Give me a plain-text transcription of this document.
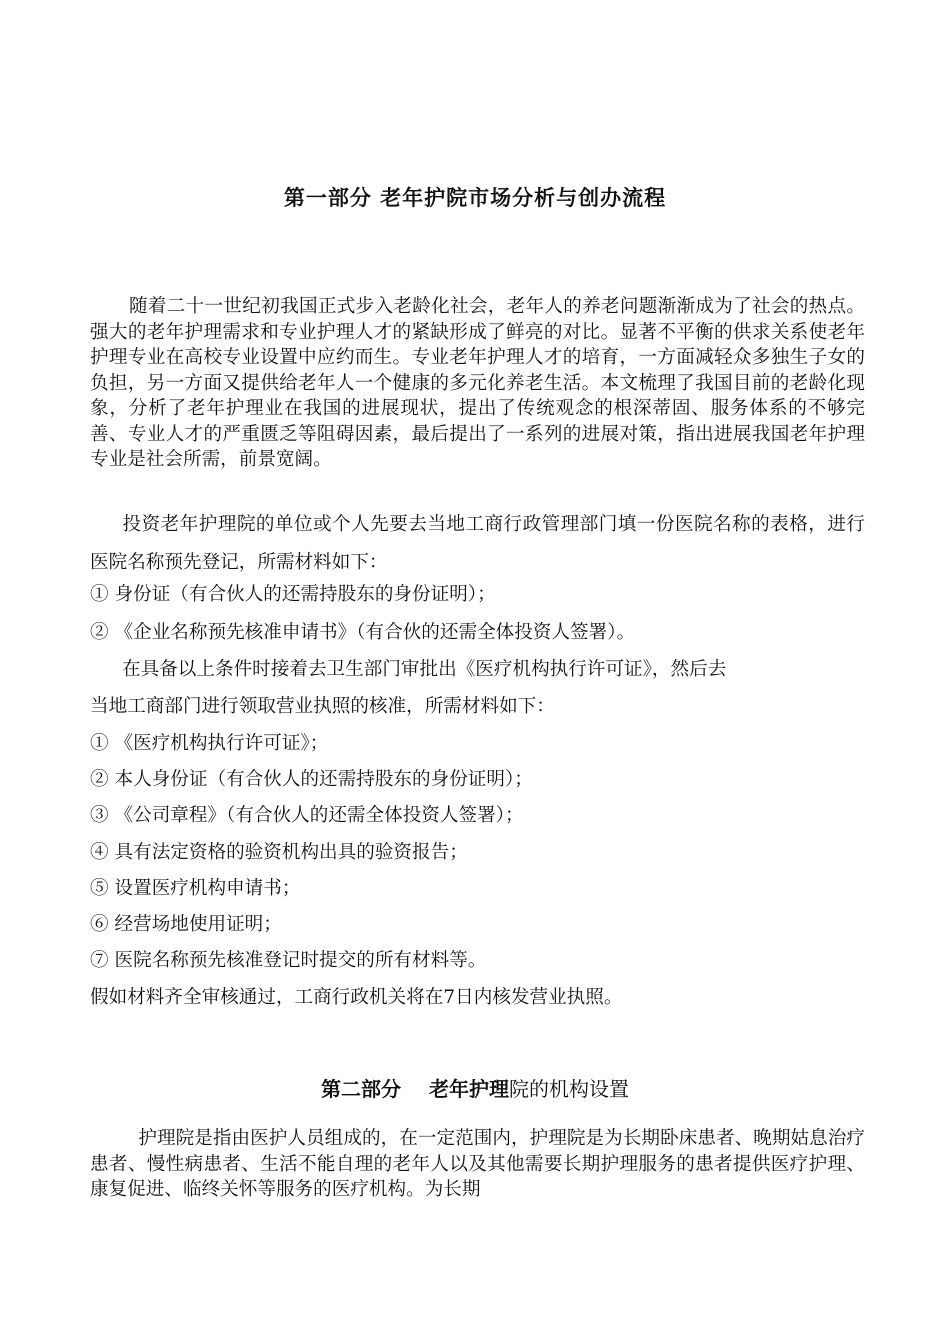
第一部分 老年护院市场分析与创办流程
随着二十一世纪初我国正式步入老龄化社会，老年人的养老问题渐渐成为了社会的热点。强大的老年护理需求和专业护理人才的紧缺形成了鲜亮的对比。显著不平衡的供求关系使老年护理专业在高校专业设置中应约而生。专业老年护理人才的培育，一方面减轻众多独生子女的负担，另一方面又提供给老年人一个健康的多元化养老生活。本文梳理了我国目前的老龄化现象，分析了老年护理业在我国的进展现状，提出了传统观念的根深蒂固、服务体系的不够完善、专业人才的严重匮乏等阻碍因素，最后提出了一系列的进展对策，指出进展我国老年护理专业是社会所需，前景宽阔。
投资老年护理院的单位或个人先要去当地工商行政管理部门填一份医院名称的表格，进行医院名称预先登记，所需材料如下：
① 身份证（有合伙人的还需持股东的身份证明）；
② 《企业名称预先核准申请书》（有合伙的还需全体投资人签署）。
在具备以上条件时接着去卫生部门审批出《医疗机构执行许可证》，然后去
当地工商部门进行领取营业执照的核准，所需材料如下：
① 《医疗机构执行许可证》；
② 本人身份证（有合伙人的还需持股东的身份证明）；
③ 《公司章程》（有合伙人的还需全体投资人签署）；
④ 具有法定资格的验资机构出具的验资报告；
⑤ 设置医疗机构申请书；
⑥ 经营场地使用证明；
⑦ 医院名称预先核准登记时提交的所有材料等。
假如材料齐全审核通过，工商行政机关将在7日内核发营业执照。
第二部分 老年护理院的机构设置
护理院是指由医护人员组成的，在一定范围内，护理院是为长期卧床患者、晚期姑息治疗患者、慢性病患者、生活不能自理的老年人以及其他需要长期护理服务的患者提供医疗护理、康复促进、临终关怀等服务的医疗机构。为长期
